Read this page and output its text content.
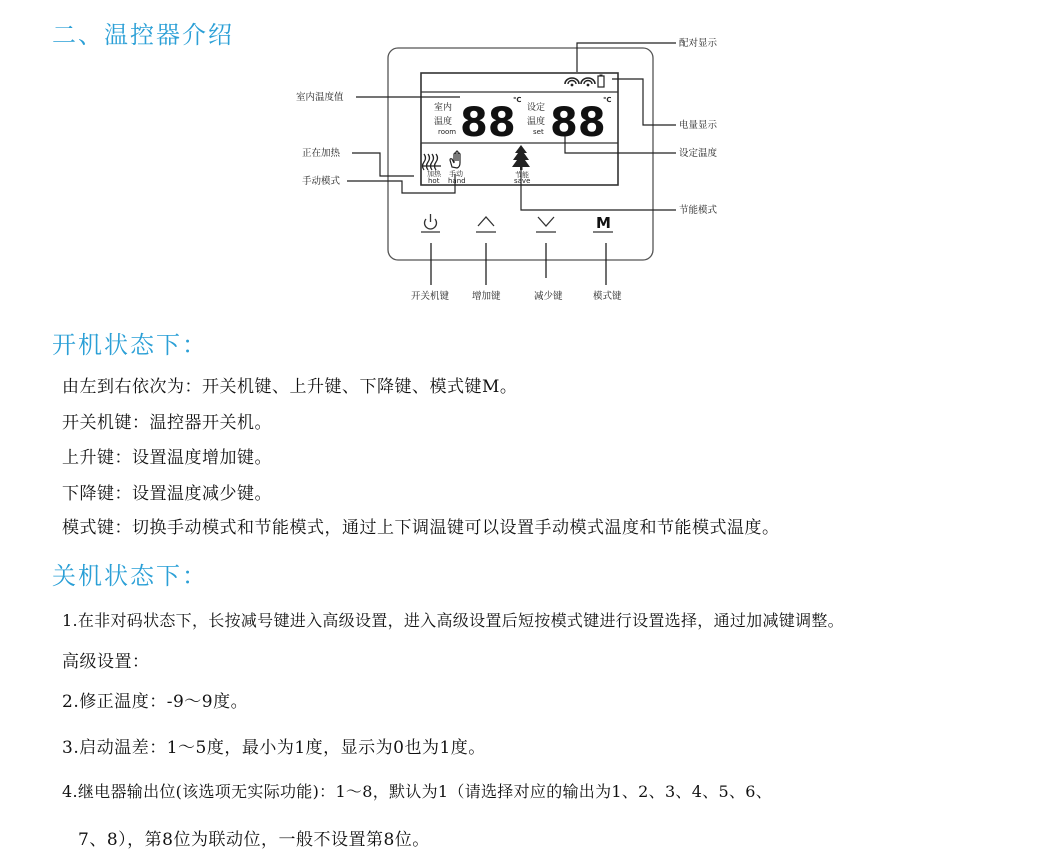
二、温控器介绍
室内
温度
room 88
℃
设定
温度
set 88
℃
加热
hot
手动
hand
节能
save
M
开关机键 增加键	减少键	模式键
配对显示
室内温度值
电量显示
正在加热	设定温度
手动模式
节能模式
开机状态下：
由左到右依次为：开关机键、上升键、下降键、模式键M。
开关机键：温控器开关机。
上升键：设置温度增加键。
下降键：设置温度减少键。
模式键：切换手动模式和节能模式，通过上下调温键可以设置手动模式温度和节能模式温度。
关机状态下：
1.在非对码状态下，长按减号键进入高级设置，进入高级设置后短按模式键进行设置选择，通过加减键调整。
高级设置：
2.修正温度：-9～9度。
3.启动温差：1～5度，最小为1度，显示为0也为1度。
4.继电器输出位(该选项无实际功能)：1～8，默认为1（请选择对应的输出为1、2、3、4、5、6、
7、8），第8位为联动位，一般不设置第8位。
